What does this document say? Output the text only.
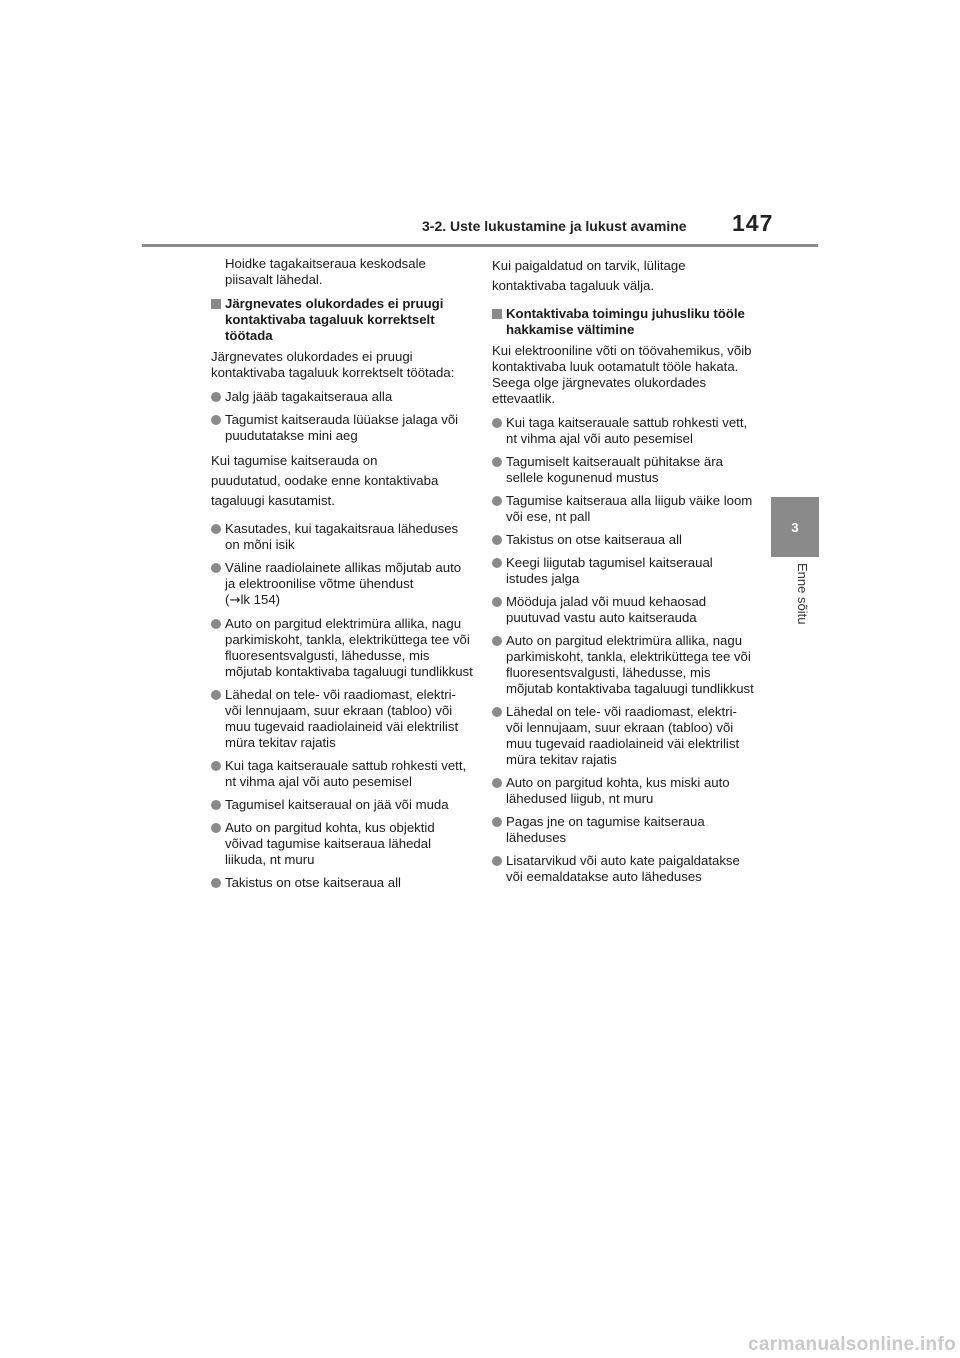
3-2. Uste lukustamine ja lukust avamine 147
3
Enne sõitu

Hoidke tagakaitseraua keskodsale piisavalt lähedal.

Järgnevates olukordades ei pruugi kontaktivaba tagaluuk korrektselt töötada

Järgnevates olukordades ei pruugi kontaktivaba tagaluuk korrektselt töötada:

Jalg jääb tagakaitseraua alla
Tagumist kaitserauda lüüakse jalaga või puudutatakse mini aeg

Kui tagumise kaitserauda on

puudutatud, oodake enne kontaktivaba

tagaluugi kasutamist.

Kasutades, kui tagakaitsraua läheduses on mõni isik
Väline raadiolainete allikas mõjutab auto ja elektroonilise võtme ühendust
(→lk 154)
Auto on pargitud elektrimüra allika, nagu parkimiskoht, tankla, elektriküttega tee või fluoresentsvalgusti, lähedusse, mis mõjutab kontaktivaba tagaluugi tundlikkust
Lähedal on tele- või raadiomast, elektri- või lennujaam, suur ekraan (tabloo) või muu tugevaid raadiolaineid väi elektrilist müra tekitav rajatis
Kui taga kaitserauale sattub rohkesti vett, nt vihma ajal või auto pesemisel
Tagumisel kaitseraual on jää või muda
Auto on pargitud kohta, kus objektid võivad tagumise kaitseraua lähedal liikuda, nt muru
Takistus on otse kaitseraua all

Kui paigaldatud on tarvik, lülitage

kontaktivaba tagaluuk välja.

Kontaktivaba toimingu juhusliku tööle hakkamise vältimine

Kui elektrooniline võti on töövahemikus, võib kontaktivaba luuk ootamatult tööle hakata. Seega olge järgnevates olukordades ettevaatlik.

Kui taga kaitserauale sattub rohkesti vett, nt vihma ajal või auto pesemisel
Tagumiselt kaitseraualt pühitakse ära sellele kogunenud mustus
Tagumise kaitseraua alla liigub väike loom või ese, nt pall
Takistus on otse kaitseraua all
Keegi liigutab tagumisel kaitseraual istudes jalga
Mööduja jalad või muud kehaosad puutuvad vastu auto kaitserauda
Auto on pargitud elektrimüra allika, nagu parkimiskoht, tankla, elektriküttega tee või fluoresentsvalgusti, lähedusse, mis mõjutab kontaktivaba tagaluugi tundlikkust
Lähedal on tele- või raadiomast, elektri- või lennujaam, suur ekraan (tabloo) või muu tugevaid raadiolaineid väi elektrilist müra tekitav rajatis
Auto on pargitud kohta, kus miski auto lähedused liigub, nt muru
Pagas jne on tagumise kaitseraua läheduses
Lisatarvikud või auto kate paigaldatakse või eemaldatakse auto läheduses
carmanualsonline.info
